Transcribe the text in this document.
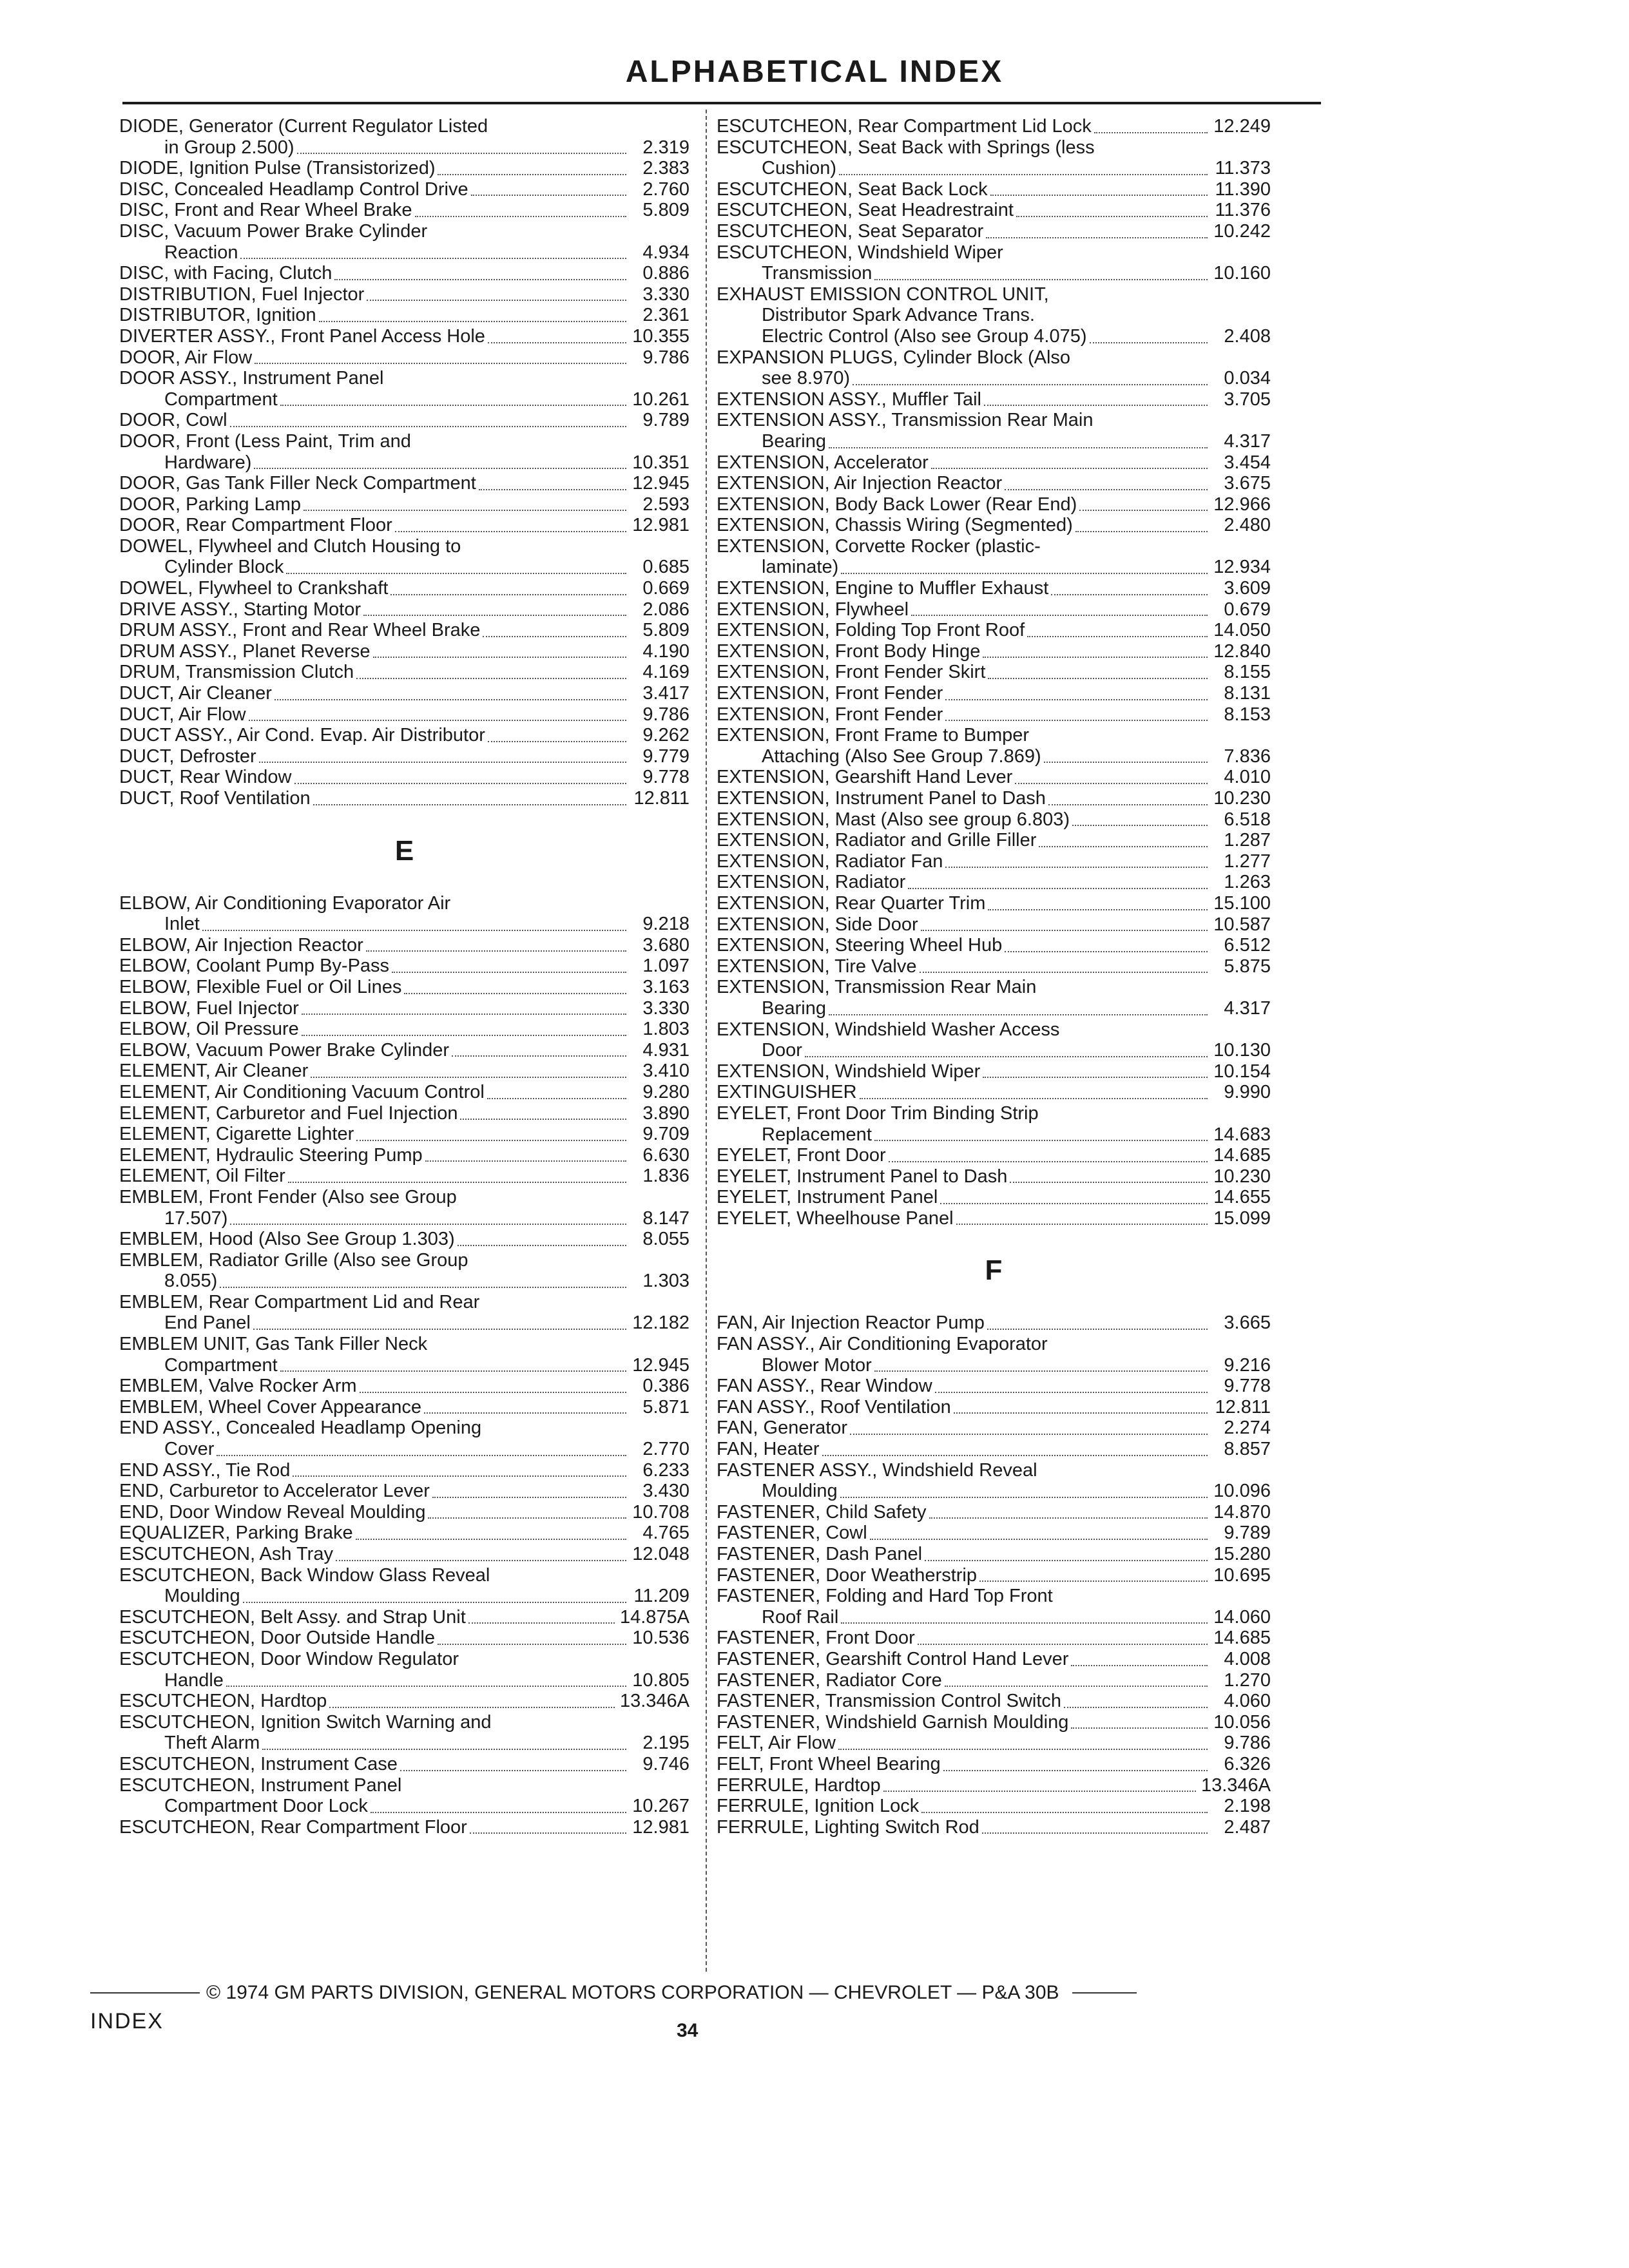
ALPHABETICAL INDEX
DIODE, Generator (Current Regulator Listed
in Group 2.500)	2.319
DIODE, Ignition Pulse (Transistorized)	2.383
DISC, Concealed Headlamp Control Drive	2.760
DISC, Front and Rear Wheel Brake	5.809
DISC, Vacuum Power Brake Cylinder
Reaction	4.934
DISC, with Facing, Clutch	0.886
DISTRIBUTION, Fuel Injector	3.330
DISTRIBUTOR, Ignition	2.361
DIVERTER ASSY., Front Panel Access Hole	10.355
DOOR, Air Flow	9.786
DOOR ASSY., Instrument Panel
Compartment	10.261
DOOR, Cowl	9.789
DOOR, Front (Less Paint, Trim and
Hardware)	10.351
DOOR, Gas Tank Filler Neck Compartment	12.945
DOOR, Parking Lamp	2.593
DOOR, Rear Compartment Floor	12.981
DOWEL, Flywheel and Clutch Housing to
Cylinder Block	0.685
DOWEL, Flywheel to Crankshaft	0.669
DRIVE ASSY., Starting Motor	2.086
DRUM ASSY., Front and Rear Wheel Brake	5.809
DRUM ASSY., Planet Reverse	4.190
DRUM, Transmission Clutch	4.169
DUCT, Air Cleaner	3.417
DUCT, Air Flow	9.786
DUCT ASSY., Air Cond. Evap. Air Distributor	9.262
DUCT, Defroster	9.779
DUCT, Rear Window	9.778
DUCT, Roof Ventilation	12.811
E
ELBOW, Air Conditioning Evaporator Air
Inlet	9.218
ELBOW, Air Injection Reactor	3.680
ELBOW, Coolant Pump By-Pass	1.097
ELBOW, Flexible Fuel or Oil Lines	3.163
ELBOW, Fuel Injector	3.330
ELBOW, Oil Pressure	1.803
ELBOW, Vacuum Power Brake Cylinder	4.931
ELEMENT, Air Cleaner	3.410
ELEMENT, Air Conditioning Vacuum Control	9.280
ELEMENT, Carburetor and Fuel Injection	3.890
ELEMENT, Cigarette Lighter	9.709
ELEMENT, Hydraulic Steering Pump	6.630
ELEMENT, Oil Filter	1.836
EMBLEM, Front Fender (Also see Group
17.507)	8.147
EMBLEM, Hood (Also See Group 1.303)	8.055
EMBLEM, Radiator Grille (Also see Group
8.055)	1.303
EMBLEM, Rear Compartment Lid and Rear
End Panel	12.182
EMBLEM UNIT, Gas Tank Filler Neck
Compartment	12.945
EMBLEM, Valve Rocker Arm	0.386
EMBLEM, Wheel Cover Appearance	5.871
END ASSY., Concealed Headlamp Opening
Cover	2.770
END ASSY., Tie Rod	6.233
END, Carburetor to Accelerator Lever	3.430
END, Door Window Reveal Moulding	10.708
EQUALIZER, Parking Brake	4.765
ESCUTCHEON, Ash Tray	12.048
ESCUTCHEON, Back Window Glass Reveal
Moulding	11.209
ESCUTCHEON, Belt Assy. and Strap Unit	14.875A
ESCUTCHEON, Door Outside Handle	10.536
ESCUTCHEON, Door Window Regulator
Handle	10.805
ESCUTCHEON, Hardtop	13.346A
ESCUTCHEON, Ignition Switch Warning and
Theft Alarm	2.195
ESCUTCHEON, Instrument Case	9.746
ESCUTCHEON, Instrument Panel
Compartment Door Lock	10.267
ESCUTCHEON, Rear Compartment Floor	12.981
ESCUTCHEON, Rear Compartment Lid Lock	12.249
ESCUTCHEON, Seat Back with Springs (less
Cushion)	11.373
ESCUTCHEON, Seat Back Lock	11.390
ESCUTCHEON, Seat Headrestraint	11.376
ESCUTCHEON, Seat Separator	10.242
ESCUTCHEON, Windshield Wiper
Transmission	10.160
EXHAUST EMISSION CONTROL UNIT,
Distributor Spark Advance Trans.
Electric Control (Also see Group 4.075)	2.408
EXPANSION PLUGS, Cylinder Block (Also
see 8.970)	0.034
EXTENSION ASSY., Muffler Tail	3.705
EXTENSION ASSY., Transmission Rear Main
Bearing	4.317
EXTENSION, Accelerator	3.454
EXTENSION, Air Injection Reactor	3.675
EXTENSION, Body Back Lower (Rear End)	12.966
EXTENSION, Chassis Wiring (Segmented)	2.480
EXTENSION, Corvette Rocker (plastic-
laminate)	12.934
EXTENSION, Engine to Muffler Exhaust	3.609
EXTENSION, Flywheel	0.679
EXTENSION, Folding Top Front Roof	14.050
EXTENSION, Front Body Hinge	12.840
EXTENSION, Front Fender Skirt	8.155
EXTENSION, Front Fender	8.131
EXTENSION, Front Fender	8.153
EXTENSION, Front Frame to Bumper
Attaching (Also See Group 7.869)	7.836
EXTENSION, Gearshift Hand Lever	4.010
EXTENSION, Instrument Panel to Dash	10.230
EXTENSION, Mast (Also see group 6.803)	6.518
EXTENSION, Radiator and Grille Filler	1.287
EXTENSION, Radiator Fan	1.277
EXTENSION, Radiator	1.263
EXTENSION, Rear Quarter Trim	15.100
EXTENSION, Side Door	10.587
EXTENSION, Steering Wheel Hub	6.512
EXTENSION, Tire Valve	5.875
EXTENSION, Transmission Rear Main
Bearing	4.317
EXTENSION, Windshield Washer Access
Door	10.130
EXTENSION, Windshield Wiper	10.154
EXTINGUISHER	9.990
EYELET, Front Door Trim Binding Strip
Replacement	14.683
EYELET, Front Door	14.685
EYELET, Instrument Panel to Dash	10.230
EYELET, Instrument Panel	14.655
EYELET, Wheelhouse Panel	15.099
F
FAN, Air Injection Reactor Pump	3.665
FAN ASSY., Air Conditioning Evaporator
Blower Motor	9.216
FAN ASSY., Rear Window	9.778
FAN ASSY., Roof Ventilation	12.811
FAN, Generator	2.274
FAN, Heater	8.857
FASTENER ASSY., Windshield Reveal
Moulding	10.096
FASTENER, Child Safety	14.870
FASTENER, Cowl	9.789
FASTENER, Dash Panel	15.280
FASTENER, Door Weatherstrip	10.695
FASTENER, Folding and Hard Top Front
Roof Rail	14.060
FASTENER, Front Door	14.685
FASTENER, Gearshift Control Hand Lever	4.008
FASTENER, Radiator Core	1.270
FASTENER, Transmission Control Switch	4.060
FASTENER, Windshield Garnish Moulding	10.056
FELT, Air Flow	9.786
FELT, Front Wheel Bearing	6.326
FERRULE, Hardtop	13.346A
FERRULE, Ignition Lock	2.198
FERRULE, Lighting Switch Rod	2.487
© 1974 GM PARTS DIVISION, GENERAL MOTORS CORPORATION — CHEVROLET — P&A 30B
INDEX	34
